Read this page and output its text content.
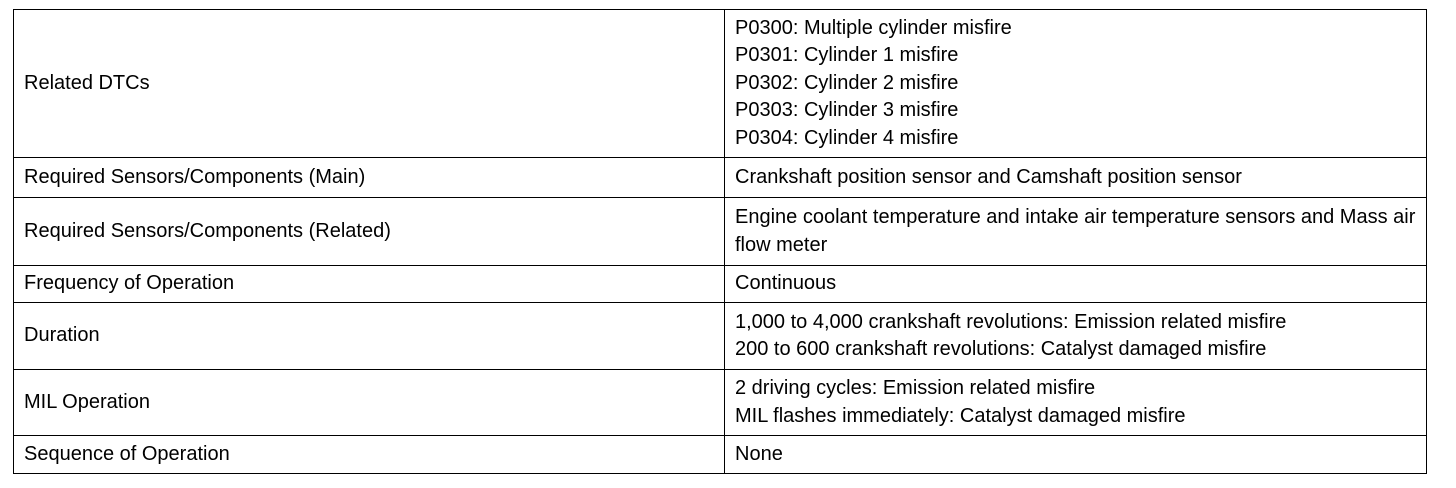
Related DTCs	P0300: Multiple cylinder misfire
P0301: Cylinder 1 misfire
P0302: Cylinder 2 misfire
P0303: Cylinder 3 misfire
P0304: Cylinder 4 misfire

Required Sensors/Components (Main)	Crankshaft position sensor and Camshaft position sensor

Required Sensors/Components (Related)	Engine coolant temperature and intake air temperature sensors and Mass air flow meter

Frequency of Operation	Continuous

Duration	1,000 to 4,000 crankshaft revolutions: Emission related misfire
200 to 600 crankshaft revolutions: Catalyst damaged misfire

MIL Operation	2 driving cycles: Emission related misfire
MIL flashes immediately: Catalyst damaged misfire

Sequence of Operation	None
